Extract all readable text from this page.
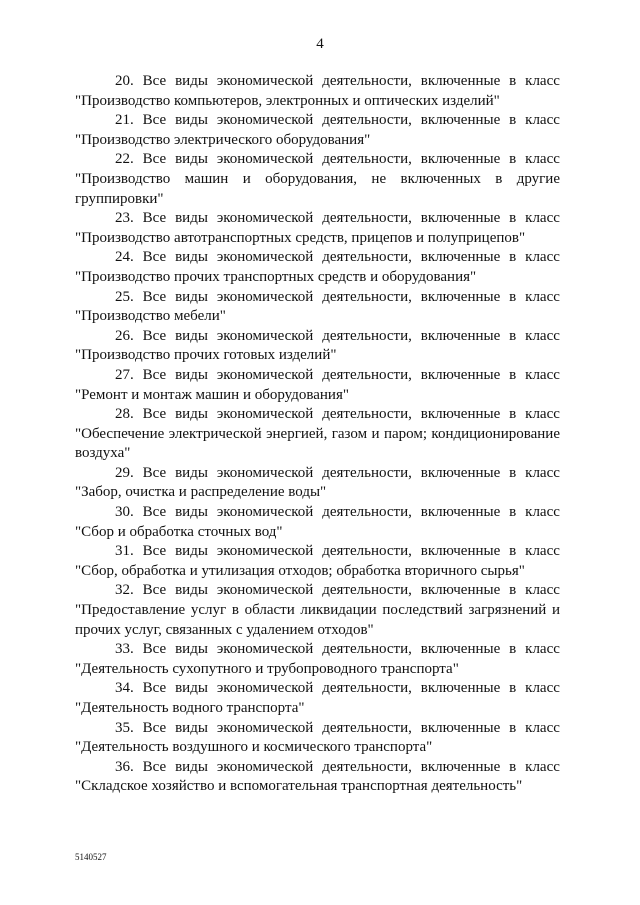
4
20. Все виды экономической деятельности, включенные в класс
"Производство компьютеров, электронных и оптических изделий"
21. Все виды экономической деятельности, включенные в класс
"Производство электрического оборудования"
22. Все виды экономической деятельности, включенные в класс
"Производство машин и оборудования, не включенных в другие группировки"
23. Все виды экономической деятельности, включенные в класс
"Производство автотранспортных средств, прицепов и полуприцепов"
24. Все виды экономической деятельности, включенные в класс
"Производство прочих транспортных средств и оборудования"
25. Все виды экономической деятельности, включенные в класс
"Производство мебели"
26. Все виды экономической деятельности, включенные в класс
"Производство прочих готовых изделий"
27. Все виды экономической деятельности, включенные в класс
"Ремонт и монтаж машин и оборудования"
28. Все виды экономической деятельности, включенные в класс
"Обеспечение электрической энергией, газом и паром; кондиционирование воздуха"
29. Все виды экономической деятельности, включенные в класс
"Забор, очистка и распределение воды"
30. Все виды экономической деятельности, включенные в класс
"Сбор и обработка сточных вод"
31. Все виды экономической деятельности, включенные в класс
"Сбор, обработка и утилизация отходов; обработка вторичного сырья"
32. Все виды экономической деятельности, включенные в класс
"Предоставление услуг в области ликвидации последствий загрязнений и прочих услуг, связанных с удалением отходов"
33. Все виды экономической деятельности, включенные в класс
"Деятельность сухопутного и трубопроводного транспорта"
34. Все виды экономической деятельности, включенные в класс
"Деятельность водного транспорта"
35. Все виды экономической деятельности, включенные в класс
"Деятельность воздушного и космического транспорта"
36. Все виды экономической деятельности, включенные в класс
"Складское хозяйство и вспомогательная транспортная деятельность"
5140527
